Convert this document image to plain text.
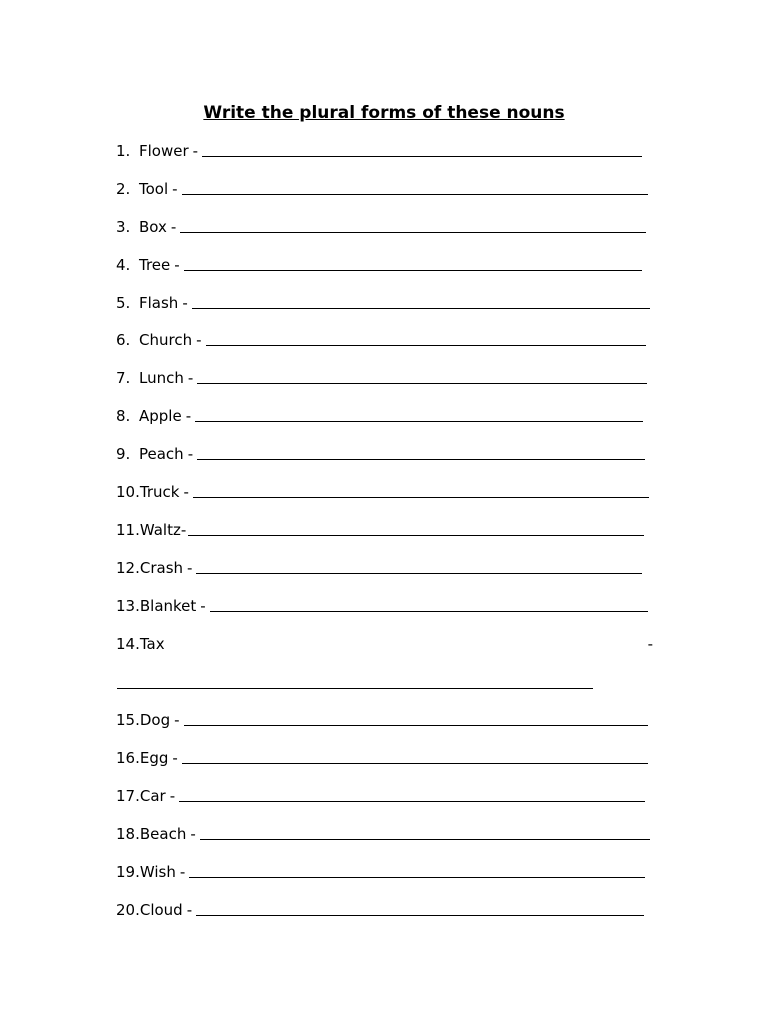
Write the plural forms of these nouns
1. Flower -
2. Tool -
3. Box -
4. Tree -
5. Flash -
6. Church -
7. Lunch -
8. Apple -
9. Peach -
10. Truck -
11. Waltz -
12. Crash -
13. Blanket -
14.Tax	-
15. Dog -
16. Egg -
17. Car -
18. Beach -
19. Wish -
20. Cloud -
